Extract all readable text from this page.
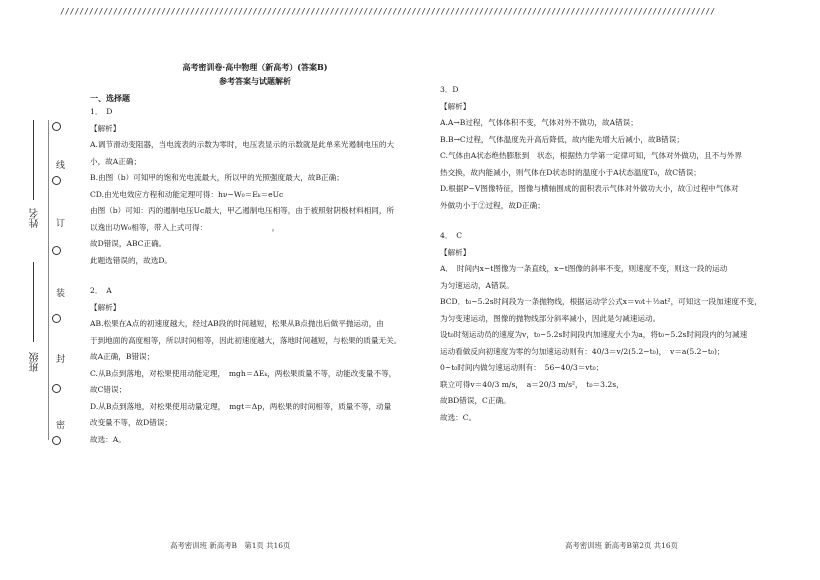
////////////////////////////////////////////////////////////////////////////////////////////////////////////////////////////////////////
线
订
装
封
密
姓名
班级
高考密训卷·高中物理（新高考）(答案B)
参考答案与试题解析
一、选择题
1．　D
【解析】
A.调节滑动变阻器，当电流表的示数为零时，电压表显示的示数就是此单来光遏制电压的大
小，故A正确；
B.由图（b）可知甲的饱和光电流最大，所以甲的光照强度最大，故B正确；
CD.由光电效应方程和动能定理可得：hν−W₀＝Eₖ＝eUc
由图（b）可知：丙的遏制电压Uc最大，甲乙遏制电压相等，由于被照射阴极材料相同，所
以逸出功W₀相等，带入上式可得：　　　　　　　　　，
故D错误，ABC正确。
此题选错误的，故选D。
2．　A
【解析】
AB.松果在A点的初速度越大，经过AB段的时间越短，松果从B点抛出后做平抛运动，由
于到地面的高度相等，所以时间相等，因此初速度越大，落地时间越短，与松果的质量无关。
故A正确，B错误；
C.从B点到落地，对松果使用动能定理，　mgh＝ΔEₖ，两松果质量不等，动能改变量不等，
故C错误；
D.从B点到落地，对松果使用动量定理，　mgt＝Δp，两松果的时间相等，质量不等，动量
改变量不等，故D错误；
故选：A。
3．D
【解析】
A.A→B过程，气体体积不变，气体对外不做功，故A错误；
B.B→C过程，气体温度先升高后降低，故内能先增大后减小，故B错误；
C.气体由A状态绝热膨胀到　状态，根据热力学第一定律可知，气体对外做功，且不与外界
热交换，故内能减小，则气体在D状态时的温度小于A状态温度T₀，故C错误；
D.根据P−V图像特征，图像与横轴围成的面积表示气体对外做功大小，故①过程中气体对
外做功小于②过程，故D正确；
4．　C
【解析】
A．　时间内x−t图像为一条直线，x−t图像的斜率不变，则速度不变，则这一段的运动
为匀速运动，A错误。
BCD．t₀~5.2s时间段为一条抛物线，根据运动学公式x＝v₀t＋½at²，可知这一段加速度不变，
为匀变速运动，图像的抛物线部分斜率减小，因此是匀减速运动。
设t₀时刻运动员的速度为v，t₀~5.2s时间段内加速度大小为a，将t₀~5.2s时间段内的匀减速
运动看做反向初速度为零的匀加速运动则有：40/3＝v/2(5.2−t₀)，　v＝a(5.2−t₀)；
0~t₀时间内做匀速运动则有：　56−40/3＝vt₀；
联立可得v＝40/3 m/s，　a＝20/3 m/s²，　t₀＝3.2s，
故BD错误，C正确。
故选：C。
高考密训班 新高考B　第1页 共16页	高考密训班 新高考B第2页 共16页
